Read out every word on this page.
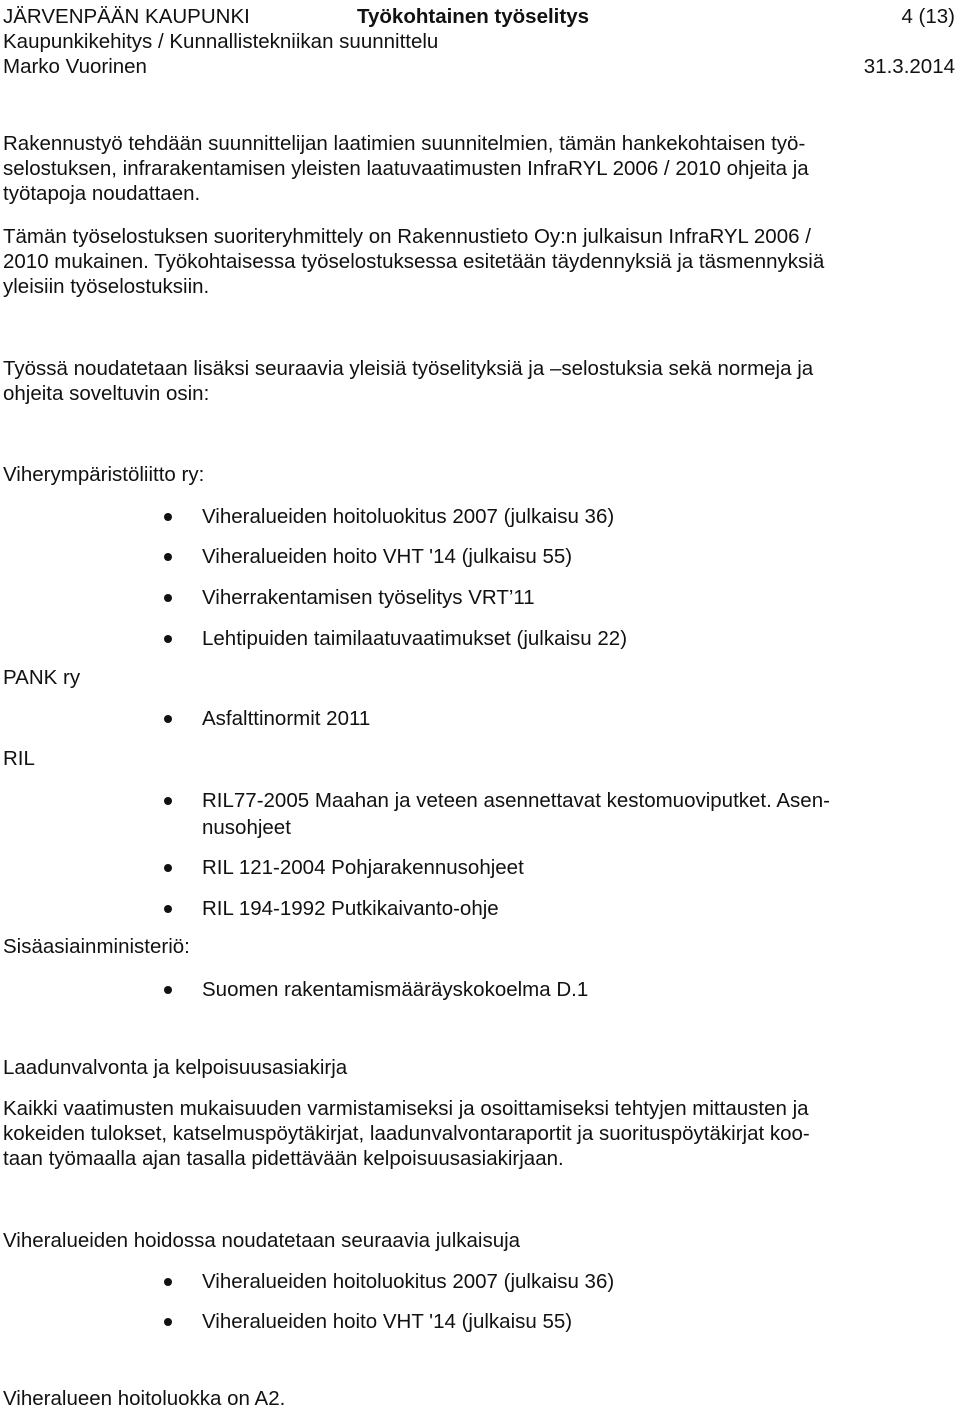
JÄRVENPÄÄN KAUPUNKI	Työkohtainen työselitys	4 (13)
Kaupunkikehitys / Kunnallistekniikan suunnittelu
Marko Vuorinen	31.3.2014
Rakennustyö tehdään suunnittelijan laatimien suunnitelmien, tämän hankekohtaisen työ-
selostuksen, infrarakentamisen yleisten laatuvaatimusten InfraRYL 2006 / 2010 ohjeita ja
työtapoja noudattaen.
Tämän työselostuksen suoriteryhmittely on Rakennustieto Oy:n julkaisun InfraRYL 2006 /
2010 mukainen. Työkohtaisessa työselostuksessa esitetään täydennyksiä ja täsmennyksiä
yleisiin työselostuksiin.
Työssä noudatetaan lisäksi seuraavia yleisiä työselityksiä ja –selostuksia sekä normeja ja
ohjeita soveltuvin osin:
Viherympäristöliitto ry:
Viheralueiden hoitoluokitus 2007 (julkaisu 36)
Viheralueiden hoito VHT '14 (julkaisu 55)
Viherrakentamisen työselitys VRT’11
Lehtipuiden taimilaatuvaatimukset (julkaisu 22)
PANK ry
Asfalttinormit 2011
RIL
RIL77-2005 Maahan ja veteen asennettavat kestomuoviputket. Asen-
nusohjeet
RIL 121-2004 Pohjarakennusohjeet
RIL 194-1992 Putkikaivanto-ohje
Sisäasiainministeriö:
Suomen rakentamismääräyskokoelma D.1
Laadunvalvonta ja kelpoisuusasiakirja
Kaikki vaatimusten mukaisuuden varmistamiseksi ja osoittamiseksi tehtyjen mittausten ja
kokeiden tulokset, katselmuspöytäkirjat, laadunvalvontaraportit ja suorituspöytäkirjat koo-
taan työmaalla ajan tasalla pidettävään kelpoisuusasiakirjaan.
Viheralueiden hoidossa noudatetaan seuraavia julkaisuja
Viheralueiden hoitoluokitus 2007 (julkaisu 36)
Viheralueiden hoito VHT '14 (julkaisu 55)
Viheralueen hoitoluokka on A2.
